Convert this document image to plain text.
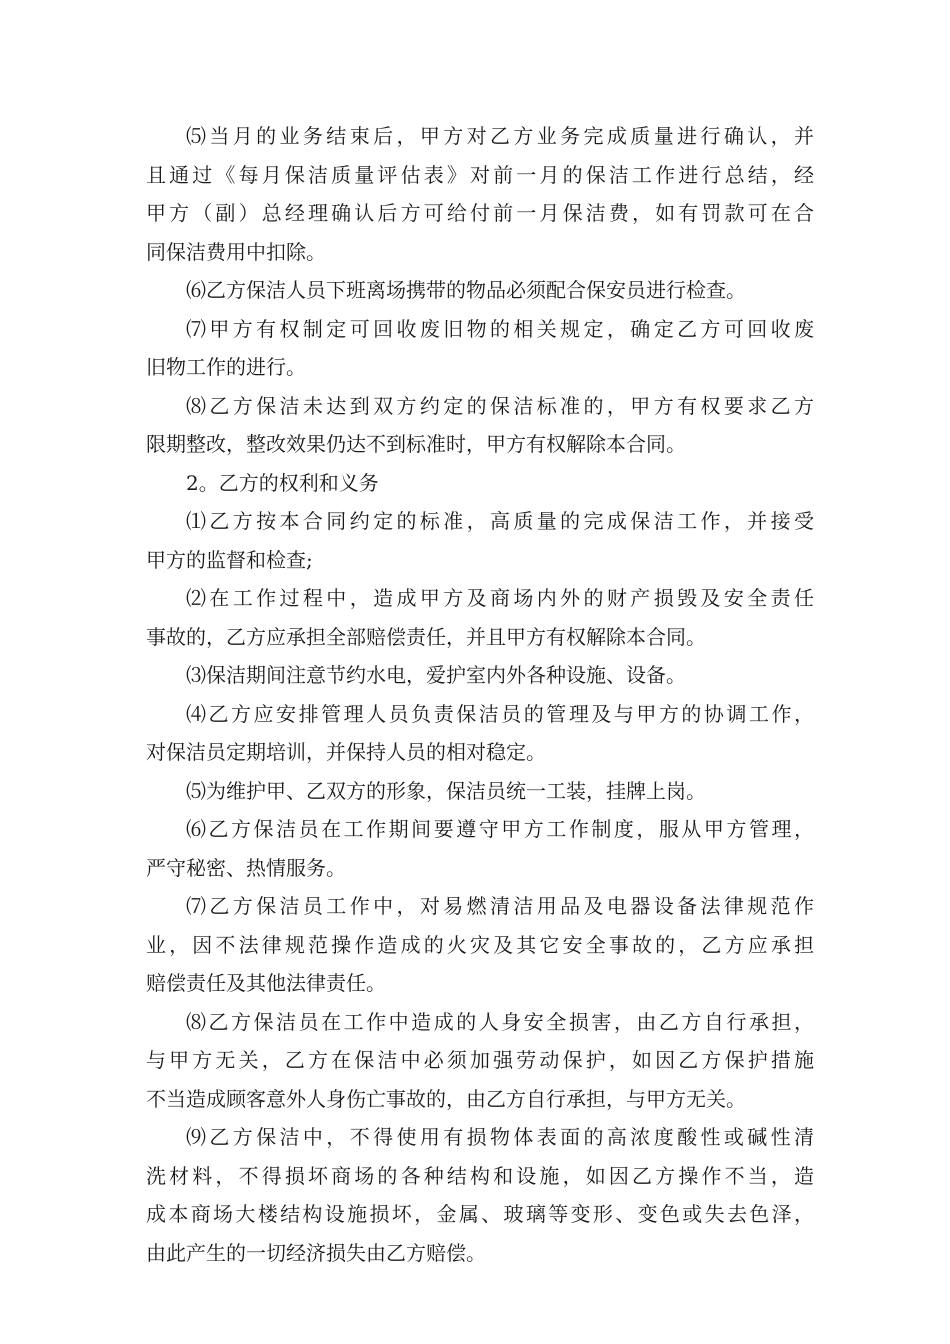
⑸当月的业务结束后，甲方对乙方业务完成质量进行确认，并
且通过《每月保洁质量评估表》对前一月的保洁工作进行总结，经
甲方（副）总经理确认后方可给付前一月保洁费，如有罚款可在合
同保洁费用中扣除。
⑹乙方保洁人员下班离场携带的物品必须配合保安员进行检查。
⑺甲方有权制定可回收废旧物的相关规定，确定乙方可回收废
旧物工作的进行。
⑻乙方保洁未达到双方约定的保洁标准的，甲方有权要求乙方
限期整改，整改效果仍达不到标准时，甲方有权解除本合同。
2。乙方的权利和义务
⑴乙方按本合同约定的标准，高质量的完成保洁工作，并接受
甲方的监督和检查;
⑵在工作过程中，造成甲方及商场内外的财产损毁及安全责任
事故的，乙方应承担全部赔偿责任，并且甲方有权解除本合同。
⑶保洁期间注意节约水电，爱护室内外各种设施、设备。
⑷乙方应安排管理人员负责保洁员的管理及与甲方的协调工作，
对保洁员定期培训，并保持人员的相对稳定。
⑸为维护甲、乙双方的形象，保洁员统一工装，挂牌上岗。
⑹乙方保洁员在工作期间要遵守甲方工作制度，服从甲方管理，
严守秘密、热情服务。
⑺乙方保洁员工作中，对易燃清洁用品及电器设备法律规范作
业，因不法律规范操作造成的火灾及其它安全事故的，乙方应承担
赔偿责任及其他法律责任。
⑻乙方保洁员在工作中造成的人身安全损害，由乙方自行承担，
与甲方无关，乙方在保洁中必须加强劳动保护，如因乙方保护措施
不当造成顾客意外人身伤亡事故的，由乙方自行承担，与甲方无关。
⑼乙方保洁中，不得使用有损物体表面的高浓度酸性或碱性清
洗材料，不得损坏商场的各种结构和设施，如因乙方操作不当，造
成本商场大楼结构设施损坏，金属、玻璃等变形、变色或失去色泽，
由此产生的一切经济损失由乙方赔偿。
